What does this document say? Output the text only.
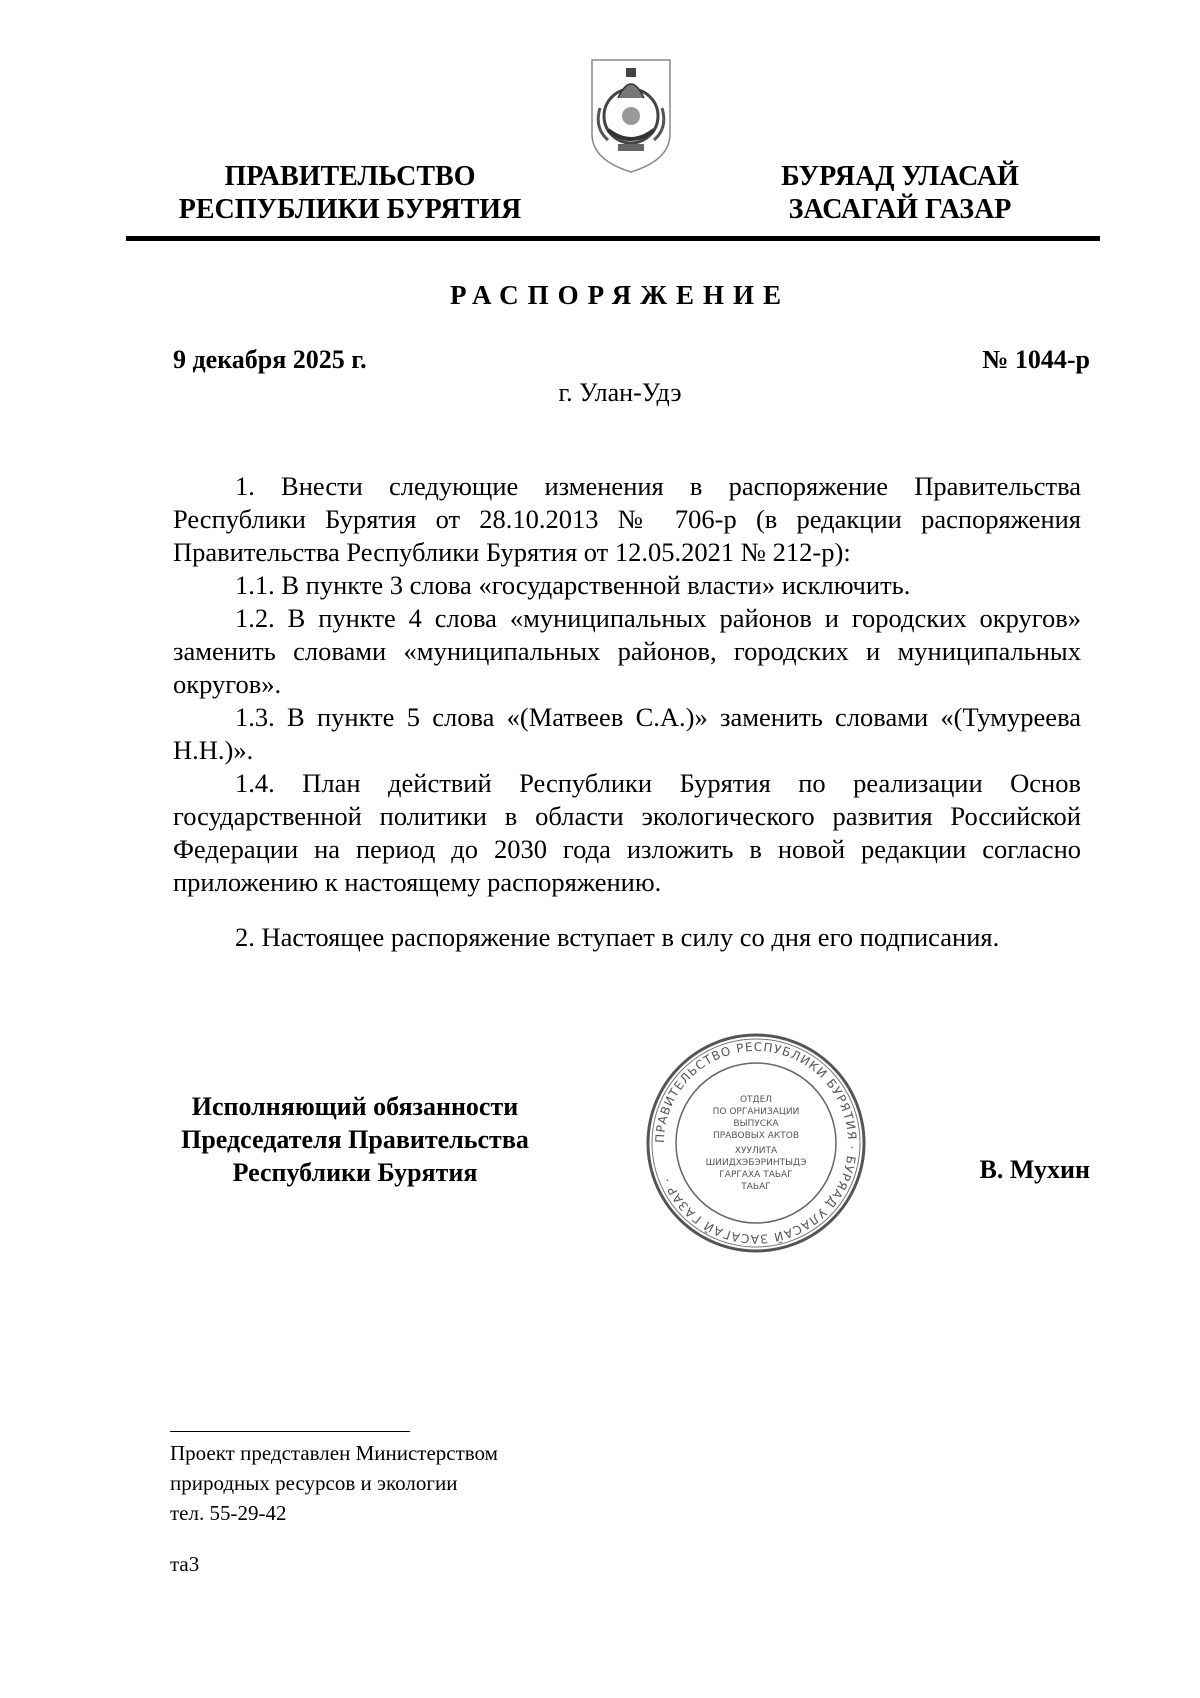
ПРАВИТЕЛЬСТВО
РЕСПУБЛИКИ БУРЯТИЯ
БУРЯАД УЛАСАЙ
ЗАСАГАЙ ГАЗАР
РАСПОРЯЖЕНИЕ
9 декабря 2025 г.	№ 1044-р
г. Улан-Удэ

1. Внести следующие изменения в распоряжение Правительства Республики Бурятия от 28.10.2013 № 706-р (в редакции распоряжения Правительства Республики Бурятия от 12.05.2021 № 212-р):

1.1. В пункте 3 слова «государственной власти» исключить.

1.2. В пункте 4 слова «муниципальных районов и городских округов» заменить словами «муниципальных районов, городских и муниципальных округов».

1.3. В пункте 5 слова «(Матвеев С.А.)» заменить словами «(Тумуреева Н.Н.)».

1.4. План действий Республики Бурятия по реализации Основ государственной политики в области экологического развития Российской Федерации на период до 2030 года изложить в новой редакции согласно приложению к настоящему распоряжению.

2. Настоящее распоряжение вступает в силу со дня его подписания.

Исполняющий обязанности
Председателя Правительства
Республики Бурятия
ПРАВИТЕЛЬСТВО РЕСПУБЛИКИ БУРЯТИЯ · БУРЯАД УЛАСАЙ ЗАСАГАЙ ГАЗАР ·
ОТДЕЛ
ПО ОРГАНИЗАЦИИ
ВЫПУСКА
ПРАВОВЫХ АКТОВ
ХУУЛИТА
ШИИДХЭБЭРИНТЫДЭ
ГАРГАХА ТАЬАГ
ТАЬАГ
В. Мухин
Проект представлен Министерством
природных ресурсов и экологии
тел. 55-29-42
та3
